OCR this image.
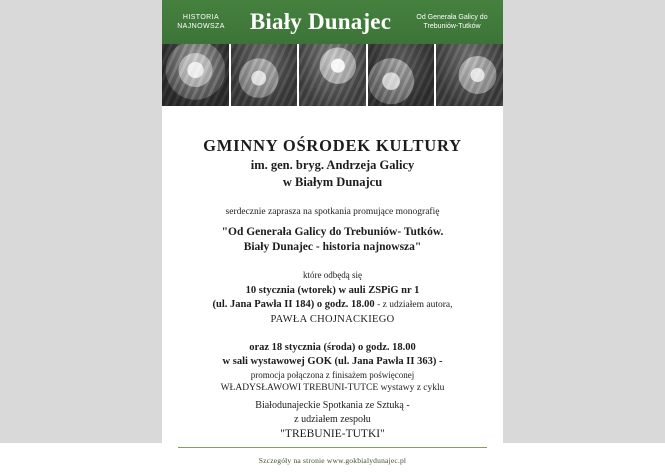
HISTORIA NAJNOWSZA	Biały Dunajec	Od Generała Galicy do Trebuniów-Tutków
GMINNY OŚRODEK KULTURY
im. gen. bryg. Andrzeja Galicy
w Białym Dunajcu
serdecznie zaprasza na spotkania promujące monografię
"Od Generała Galicy do Trebuniów- Tutków.
Biały Dunajec - historia najnowsza"
które odbędą się
10 stycznia (wtorek) w auli ZSPiG nr 1
(ul. Jana Pawła II 184) o godz. 18.00 - z udziałem autora,
PAWŁA CHOJNACKIEGO
oraz 18 stycznia (środa) o godz. 18.00
w sali wystawowej GOK (ul. Jana Pawła II 363) -
promocja połączona z finisażem poświęconej
WŁADYSŁAWOWI TREBUNI-TUTCE wystawy z cyklu
Białodunajeckie Spotkania ze Sztuką -
z udziałem zespołu
"TREBUNIE-TUTKI"
Szczegóły na stronie www.gokbialydunajec.pl
